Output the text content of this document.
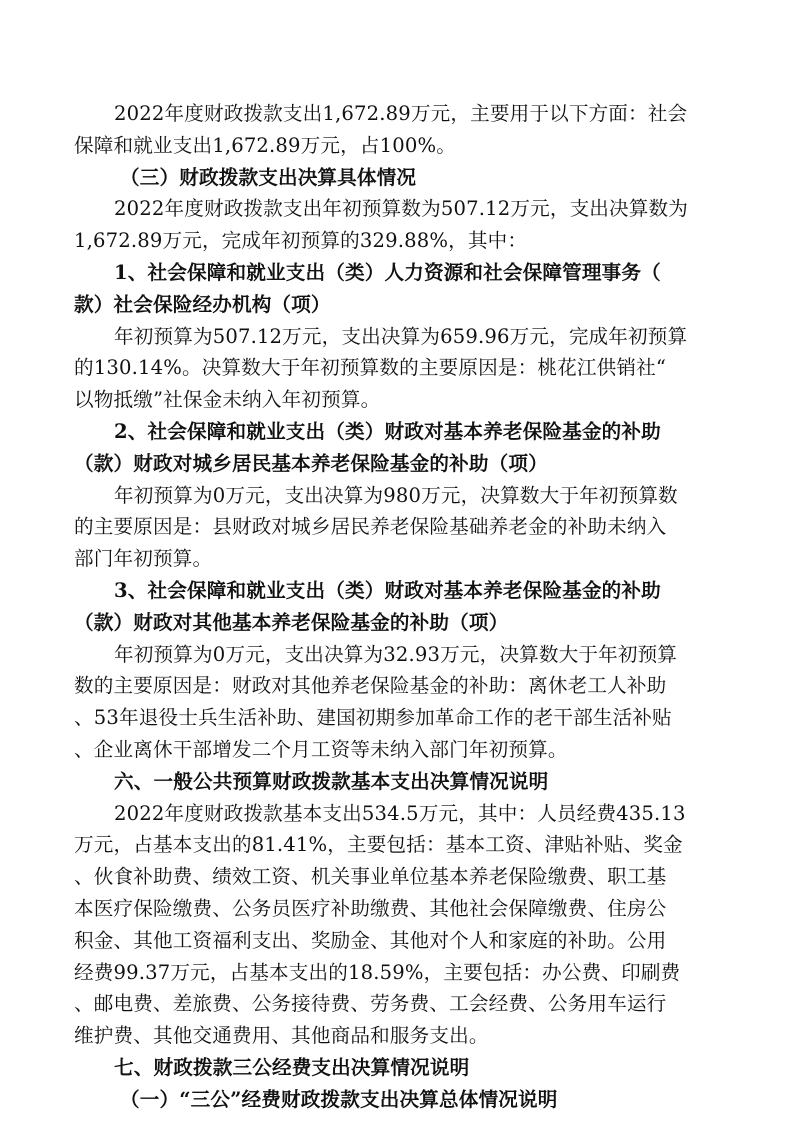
2022年度财政拨款支出1,672.89万元，主要用于以下方面：社会
保障和就业支出1,672.89万元，占100%。
（三）财政拨款支出决算具体情况
2022年度财政拨款支出年初预算数为507.12万元，支出决算数为
1,672.89万元，完成年初预算的329.88%，其中：
1、社会保障和就业支出（类）人力资源和社会保障管理事务（
款）社会保险经办机构（项）
年初预算为507.12万元，支出决算为659.96万元，完成年初预算
的130.14%。决算数大于年初预算数的主要原因是：桃花江供销社“
以物抵缴”社保金未纳入年初预算。
2、社会保障和就业支出（类）财政对基本养老保险基金的补助
（款）财政对城乡居民基本养老保险基金的补助（项）
年初预算为0万元，支出决算为980万元，决算数大于年初预算数
的主要原因是：县财政对城乡居民养老保险基础养老金的补助未纳入
部门年初预算。
3、社会保障和就业支出（类）财政对基本养老保险基金的补助
（款）财政对其他基本养老保险基金的补助（项）
年初预算为0万元，支出决算为32.93万元，决算数大于年初预算
数的主要原因是：财政对其他养老保险基金的补助：离休老工人补助
、53年退役士兵生活补助、建国初期参加革命工作的老干部生活补贴
、企业离休干部增发二个月工资等未纳入部门年初预算。
六、一般公共预算财政拨款基本支出决算情况说明
2022年度财政拨款基本支出534.5万元，其中：人员经费435.13
万元，占基本支出的81.41%，主要包括：基本工资、津贴补贴、奖金
、伙食补助费、绩效工资、机关事业单位基本养老保险缴费、职工基
本医疗保险缴费、公务员医疗补助缴费、其他社会保障缴费、住房公
积金、其他工资福利支出、奖励金、其他对个人和家庭的补助。公用
经费99.37万元，占基本支出的18.59%，主要包括：办公费、印刷费
、邮电费、差旅费、公务接待费、劳务费、工会经费、公务用车运行
维护费、其他交通费用、其他商品和服务支出。
七、财政拨款三公经费支出决算情况说明
（一）“三公”经费财政拨款支出决算总体情况说明
